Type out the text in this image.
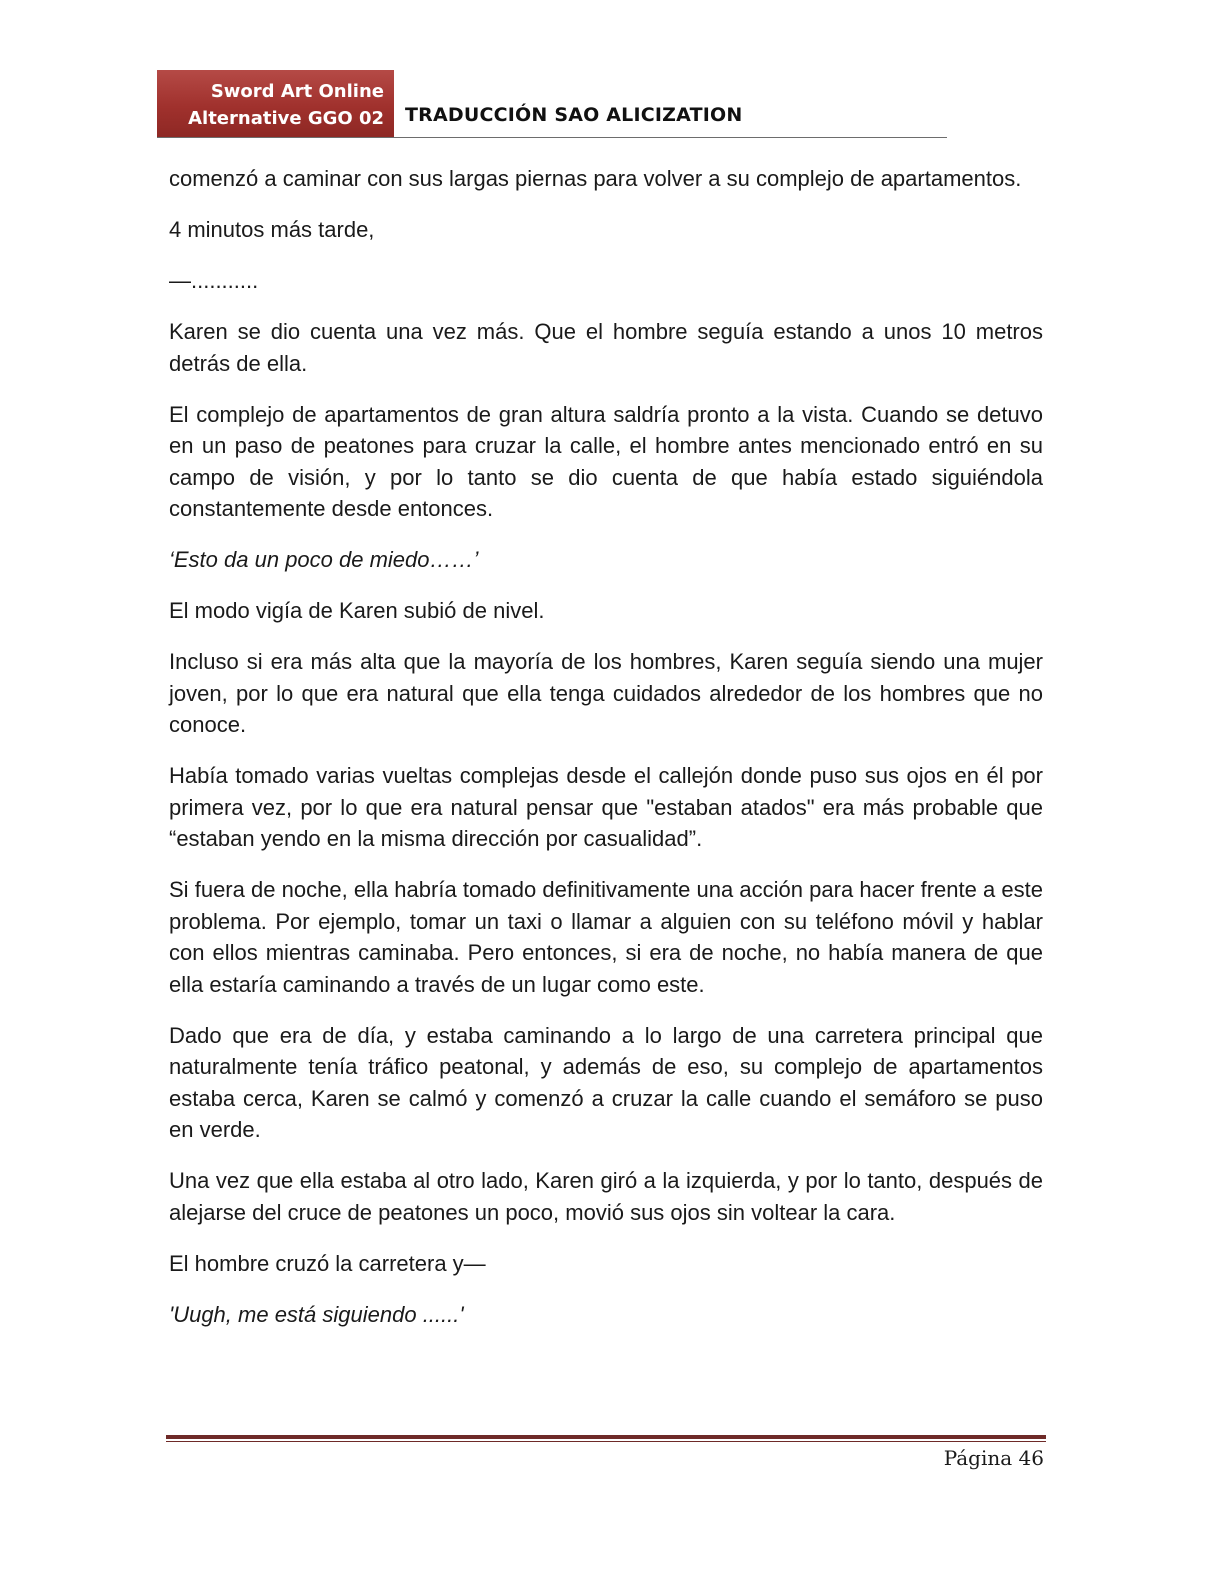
Sword Art Online
Alternative GGO 02 TRADUCCIÓN SAO ALICIZATION

comenzó a caminar con sus largas piernas para volver a su complejo de apartamentos.

4 minutos más tarde,

—...........

Karen se dio cuenta una vez más. Que el hombre seguía estando a unos 10 metros detrás de ella.

El complejo de apartamentos de gran altura saldría pronto a la vista. Cuando se detuvo en un paso de peatones para cruzar la calle, el hombre antes mencionado entró en su campo de visión, y por lo tanto se dio cuenta de que había estado siguiéndola constantemente desde entonces.

‘Esto da un poco de miedo……’

El modo vigía de Karen subió de nivel.

Incluso si era más alta que la mayoría de los hombres, Karen seguía siendo una mujer joven, por lo que era natural que ella tenga cuidados alrededor de los hombres que no conoce.

Había tomado varias vueltas complejas desde el callejón donde puso sus ojos en él por primera vez, por lo que era natural pensar que "estaban atados" era más probable que “estaban yendo en la misma dirección por casualidad”.

Si fuera de noche, ella habría tomado definitivamente una acción para hacer frente a este problema. Por ejemplo, tomar un taxi o llamar a alguien con su teléfono móvil y hablar con ellos mientras caminaba. Pero entonces, si era de noche, no había manera de que ella estaría caminando a través de un lugar como este.

Dado que era de día, y estaba caminando a lo largo de una carretera principal que naturalmente tenía tráfico peatonal, y además de eso, su complejo de apartamentos estaba cerca, Karen se calmó y comenzó a cruzar la calle cuando el semáforo se puso en verde.

Una vez que ella estaba al otro lado, Karen giró a la izquierda, y por lo tanto, después de alejarse del cruce de peatones un poco, movió sus ojos sin voltear la cara.

El hombre cruzó la carretera y—

'Uugh, me está siguiendo ......'

Página 46
